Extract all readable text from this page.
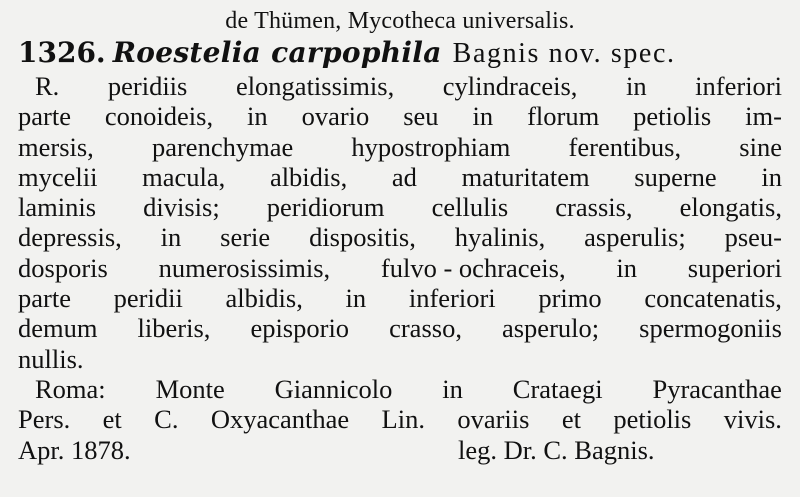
de Thümen, Mycotheca universalis.

1326. Roestelia carpophila Bagnis nov. spec.

R. peridiis elongatissimis, cylindraceis, in inferiori
parte conoideis, in ovario seu in florum petiolis im-
mersis, parenchymae hypostrophiam ferentibus, sine
mycelii macula, albidis, ad maturitatem superne in
laminis divisis; peridiorum cellulis crassis, elongatis,
depressis, in serie dispositis, hyalinis, asperulis; pseu-
dosporis numerosissimis, fulvo - ochraceis, in superiori
parte peridii albidis, in inferiori primo concatenatis,
demum liberis, episporio crasso, asperulo; spermogoniis
nullis.
Roma: Monte Giannicolo in Crataegi Pyracanthae
Pers. et C. Oxyacanthae Lin. ovariis et petiolis vivis.
Apr. 1878.	leg. Dr. C. Bagnis.
